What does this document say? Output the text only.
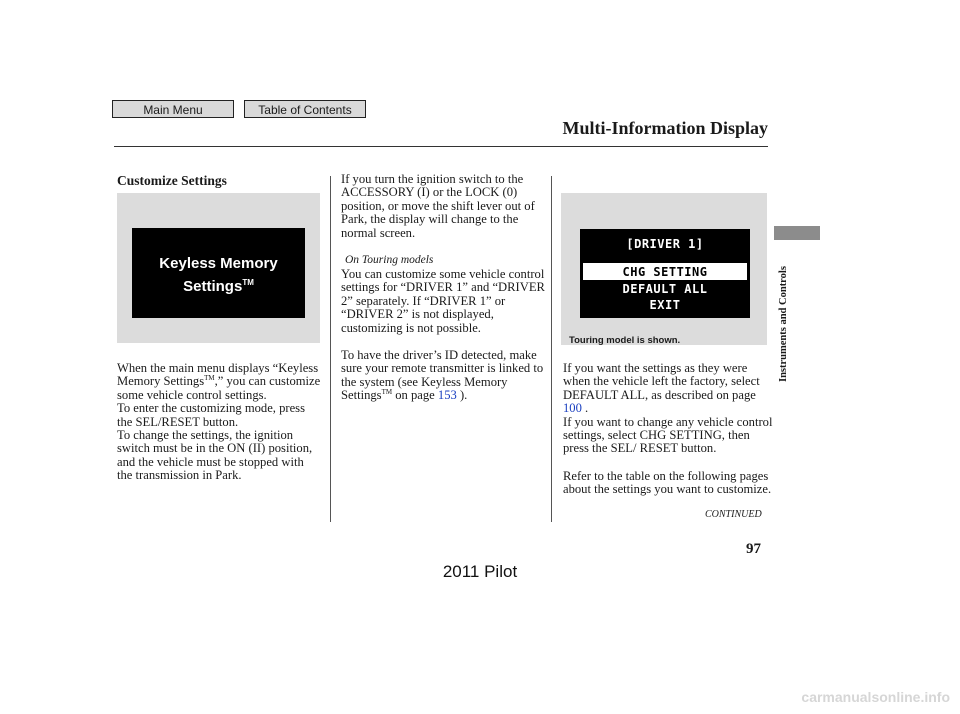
Main Menu	Table of Contents
Multi-Information Display
Customize Settings
Keyless Memory
Settings™

When the main menu displays “Keyless Memory Settings™,” you can customize some vehicle control settings.

To enter the customizing mode, press the SEL/RESET button.

To change the settings, the ignition switch must be in the ON (II) position, and the vehicle must be stopped with the transmission in Park.

If you turn the ignition switch to the ACCESSORY (I) or the LOCK (0) position, or move the shift lever out of Park, the display will change to the normal screen.

On Touring models

You can customize some vehicle control settings for “DRIVER 1” and “DRIVER 2” separately. If “DRIVER 1” or “DRIVER 2” is not displayed, customizing is not possible.

To have the driver’s ID detected, make sure your remote transmitter is linked to the system (see Keyless Memory Settings™ on page 153 ).

[DRIVER 1]
CHG SETTING
DEFAULT ALL
EXIT
Touring model is shown.

If you want the settings as they were when the vehicle left the factory, select DEFAULT ALL, as described on page 100 .

If you want to change any vehicle control settings, select CHG SETTING, then press the SEL/ RESET button.

Refer to the table on the following pages about the settings you want to customize.

Instruments and Controls
CONTINUED
97
2011 Pilot
carmanualsonline.info
